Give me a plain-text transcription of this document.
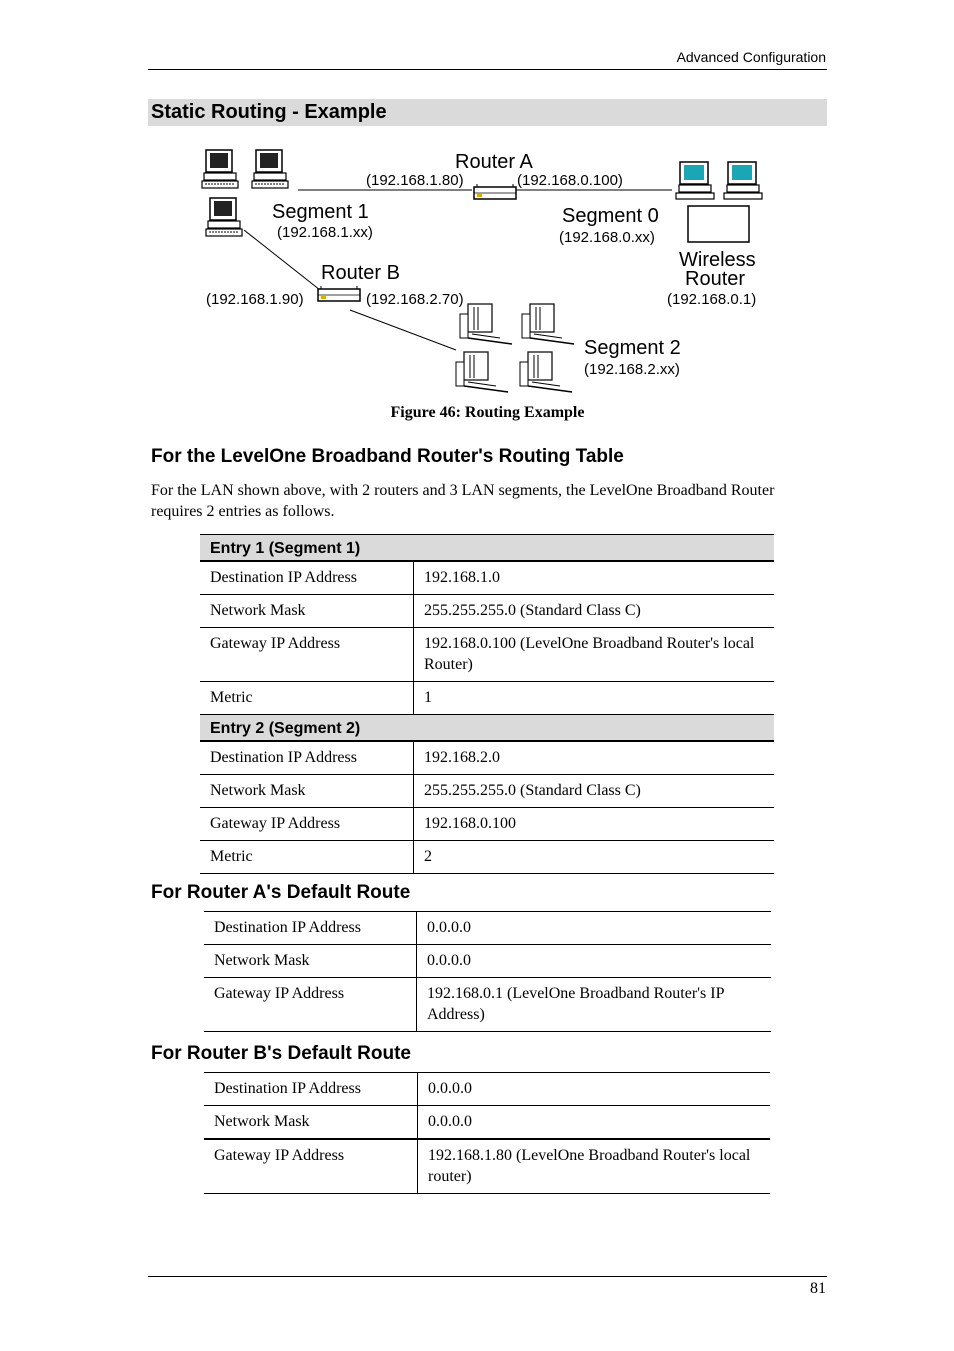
Advanced Configuration
Static Routing - Example
Router A
(192.168.1.80)	(192.168.0.100)
Segment 1
(192.168.1.xx)
Segment 0
(192.168.0.xx)
Wireless
Router
(192.168.0.1)
Router B
(192.168.1.90)	(192.168.2.70)
Segment 2
(192.168.2.xx)
Figure 46: Routing Example
For the LevelOne Broadband Router's Routing Table
For the LAN shown above, with 2 routers and 3 LAN segments, the LevelOne Broadband Router requires 2 entries as follows.
Entry 1 (Segment 1)	
Destination IP Address	192.168.1.0
Network Mask	255.255.255.0 (Standard Class C)
Gateway IP Address	192.168.0.100 (LevelOne Broadband Router's local Router)
Metric	1
Entry 2 (Segment 2)	
Destination IP Address	192.168.2.0
Network Mask	255.255.255.0 (Standard Class C)
Gateway IP Address	192.168.0.100
Metric	2
For Router A's Default Route
Destination IP Address	0.0.0.0
Network Mask	0.0.0.0
Gateway IP Address	192.168.0.1 (LevelOne Broadband Router's IP Address)
For Router B's Default Route
Destination IP Address	0.0.0.0
Network Mask	0.0.0.0
Gateway IP Address	192.168.1.80 (LevelOne Broadband Router's local router)
81
